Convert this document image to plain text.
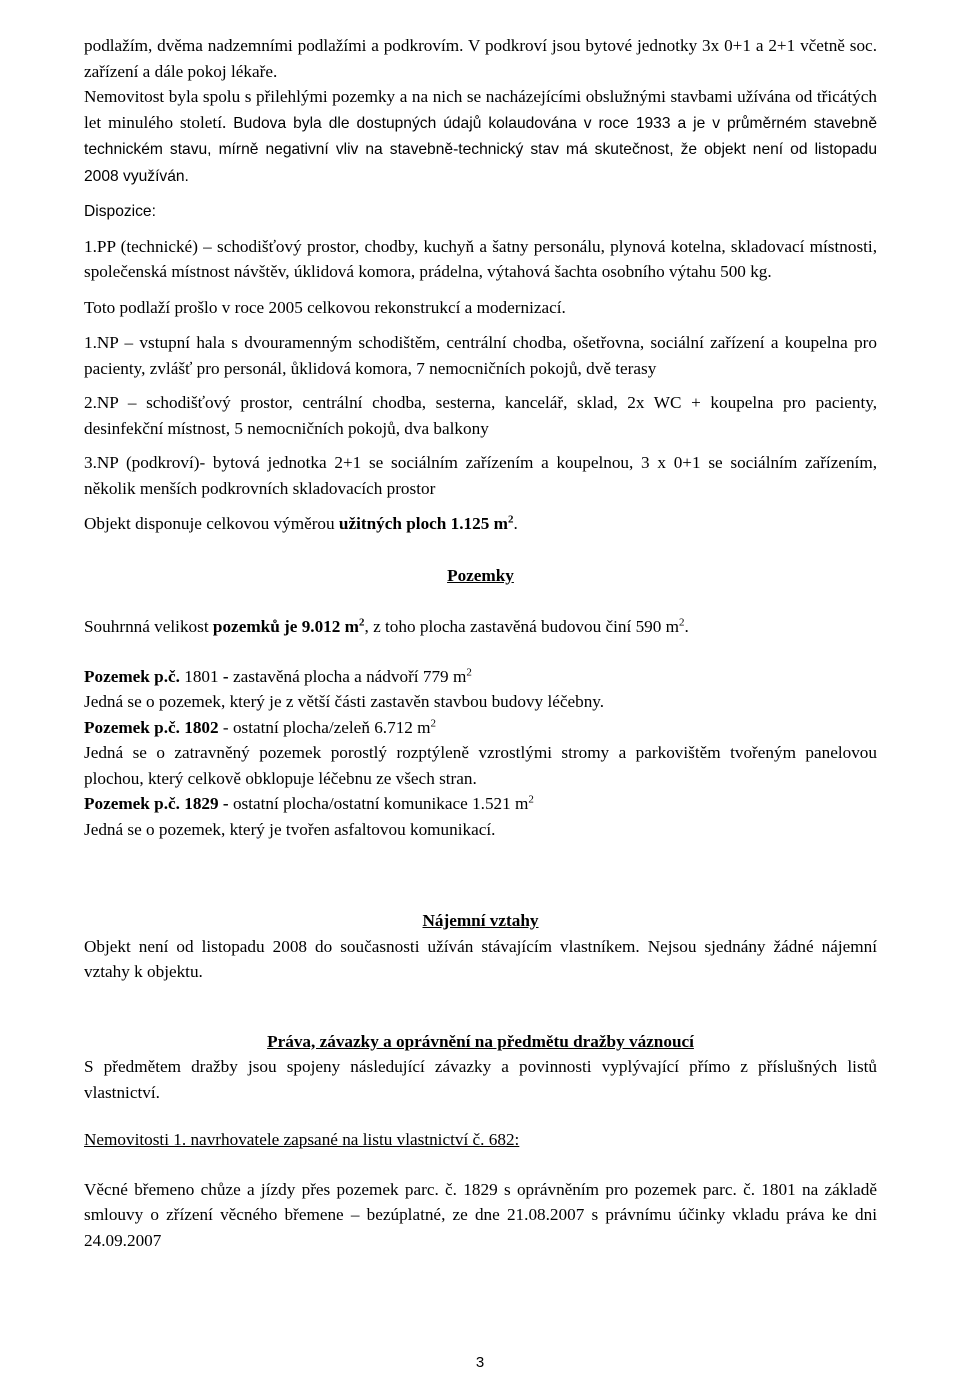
podlažím, dvěma nadzemními podlažími a podkrovím. V podkroví jsou bytové jednotky 3x 0+1 a 2+1 včetně soc. zařízení a dále pokoj lékaře.

Nemovitost byla spolu s přilehlými pozemky a na nich se nacházejícími obslužnými stavbami užívána od třicátých let minulého století. Budova byla dle dostupných údajů kolaudována v roce 1933 a je v průměrném stavebně technickém stavu, mírně negativní vliv na stavebně-technický stav má skutečnost, že objekt není od listopadu 2008 využíván.

Dispozice:

1.PP (technické) – schodišťový prostor, chodby, kuchyň a šatny personálu, plynová kotelna, skladovací místnosti, společenská místnost návštěv, úklidová komora, prádelna, výtahová šachta osobního výtahu 500 kg.

Toto podlaží prošlo v roce 2005 celkovou rekonstrukcí a modernizací.

1.NP – vstupní hala s dvouramenným schodištěm, centrální chodba, ošetřovna, sociální zařízení a koupelna pro pacienty, zvlášť pro personál, ůklidová komora, 7 nemocničních pokojů, dvě terasy

2.NP – schodišťový prostor, centrální chodba, sesterna, kancelář, sklad, 2x WC + koupelna pro pacienty, desinfekční místnost, 5 nemocničních pokojů, dva balkony

3.NP (podkroví)- bytová jednotka 2+1 se sociálním zařízením a koupelnou, 3 x 0+1 se sociálním zařízením, několik menších podkrovních skladovacích prostor

Objekt disponuje celkovou výměrou užitných ploch 1.125 $m^2$.

Pozemky

Souhrnná velikost pozemků je 9.012 $m^2$, z toho plocha zastavěná budovou činí 590 $m^2$.

Pozemek p.č. 1801 - zastavěná plocha a nádvoří 779 $m^2$

Jedná se o pozemek, který je z větší části zastavěn stavbou budovy léčebny.

Pozemek p.č. 1802 - ostatní plocha/zeleň 6.712 $m^2$

Jedná se o zatravněný pozemek porostlý rozptýleně vzrostlými stromy a parkovištěm tvořeným panelovou plochou, který celkově obklopuje léčebnu ze všech stran.

Pozemek p.č. 1829 - ostatní plocha/ostatní komunikace 1.521 $m^2$

Jedná se o pozemek, který je tvořen asfaltovou komunikací.

Nájemní vztahy

Objekt není od listopadu 2008 do současnosti užíván stávajícím vlastníkem. Nejsou sjednány žádné nájemní vztahy k objektu.

Práva, závazky a oprávnění na předmětu dražby váznoucí

S předmětem dražby jsou spojeny následující závazky a povinnosti vyplývající přímo z příslušných listů vlastnictví.

Nemovitosti 1. navrhovatele zapsané na listu vlastnictví č. 682:

Věcné břemeno chůze a jízdy přes pozemek parc. č. 1829 s oprávněním pro pozemek parc. č. 1801 na základě smlouvy o zřízení věcného břemene – bezúplatné, ze dne 21.08.2007 s právnímu účinky vkladu práva ke dni 24.09.2007

3
